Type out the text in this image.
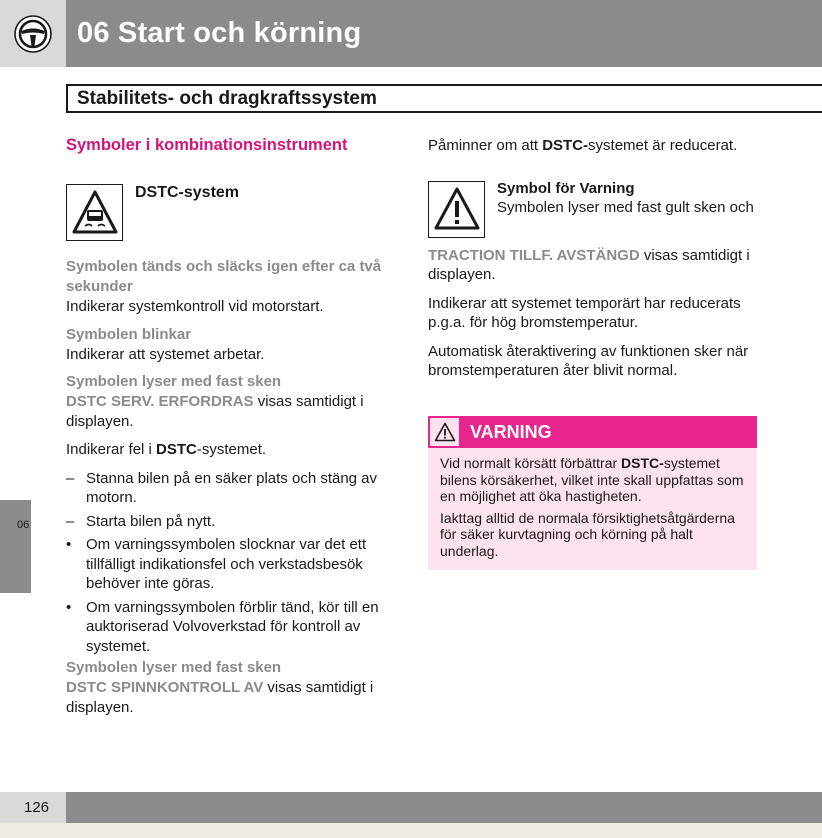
06 Start och körning
Stabilitets- och dragkraftssystem
Symboler i kombinationsinstrument
DSTC-system
Symbolen tänds och släcks igen efter ca två sekunder
Indikerar systemkontroll vid motorstart.
Symbolen blinkar
Indikerar att systemet arbetar.
Symbolen lyser med fast sken
DSTC SERV. ERFORDRAS visas samtidigt i displayen.
Indikerar fel i DSTC-systemet.
– Stanna bilen på en säker plats och stäng av motorn.
– Starta bilen på nytt.
• Om varningssymbolen slocknar var det ett tillfälligt indikationsfel och verkstadsbesök behöver inte göras.
• Om varningssymbolen förblir tänd, kör till en auktoriserad Volvoverkstad för kontroll av systemet.
Symbolen lyser med fast sken
DSTC SPINNKONTROLL AV visas samtidigt i displayen.
Påminner om att DSTC-systemet är reducerat.
Symbol för Varning
Symbolen lyser med fast gult sken och
TRACTION TILLF. AVSTÄNGD visas samtidigt i displayen.
Indikerar att systemet temporärt har reducerats p.g.a. för hög bromstemperatur.
Automatisk återaktivering av funktionen sker när bromstemperaturen åter blivit normal.
VARNING
Vid normalt körsätt förbättrar DSTC-systemet bilens körsäkerhet, vilket inte skall uppfattas som en möjlighet att öka hastigheten.
Iakttag alltid de normala försiktighetsåtgärderna för säker kurvtagning och körning på halt underlag.
06
126
